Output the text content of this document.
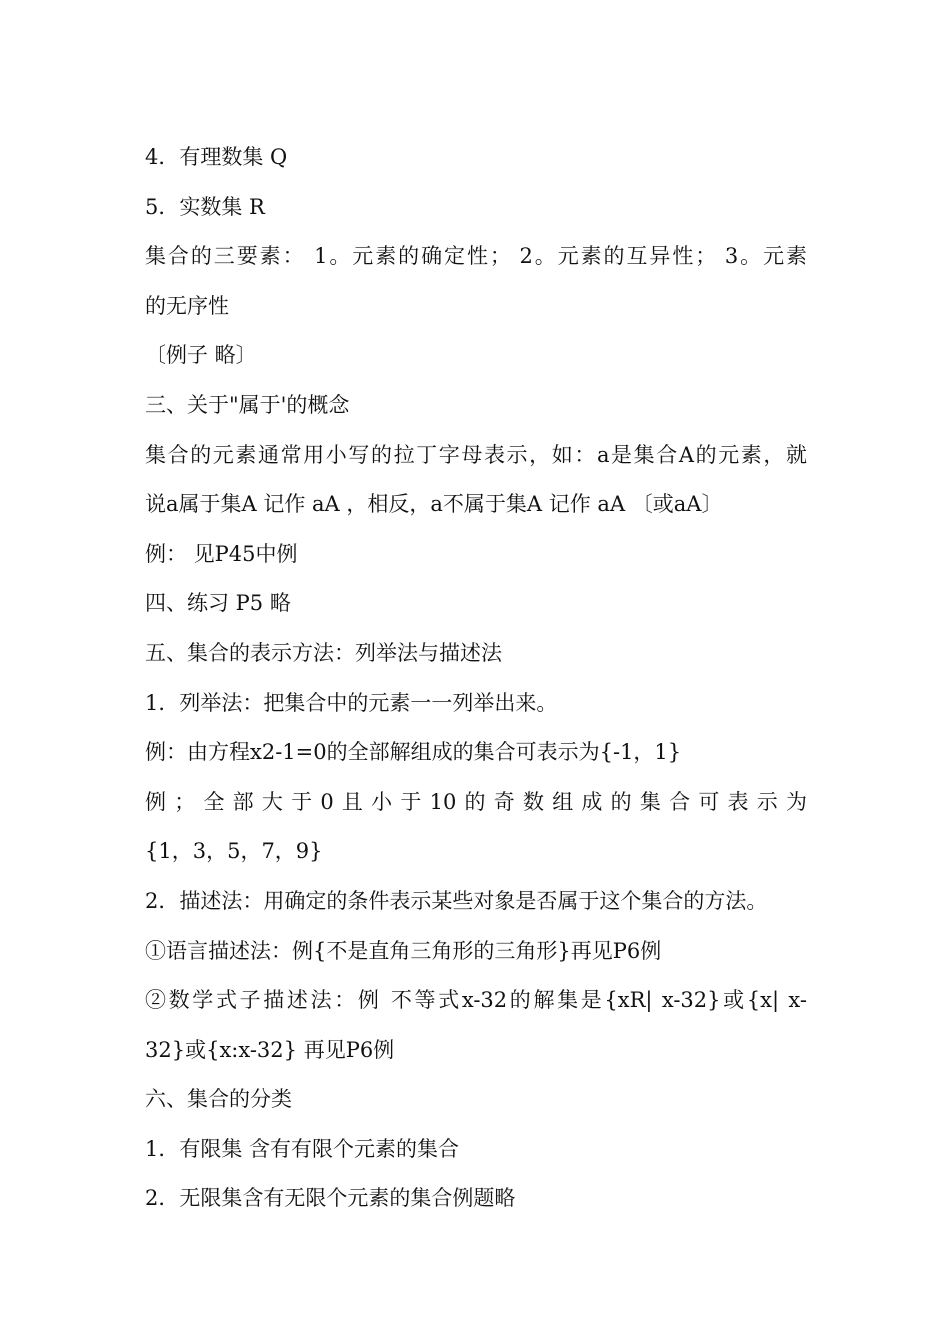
4．有理数集 Q
5．实数集 R
集合的三要素： 1。元素的确定性； 2。元素的互异性； 3。元素
的无序性
〔例子 略〕
三、关于"属于'的概念
集合的元素通常用小写的拉丁字母表示，如：a是集合A的元素，就
说a属于集A 记作 aA ，相反，a不属于集A 记作 aA 〔或aA〕
例： 见P45中例
四、练习 P5 略
五、集合的表示方法：列举法与描述法
1．列举法：把集合中的元素一一列举出来。
例：由方程x2-1=0的全部解组成的集合可表示为{-1，1}
例；全部大于0且小于10的奇数组成的集合可表示为
{1，3，5，7，9}
2．描述法：用确定的条件表示某些对象是否属于这个集合的方法。
①语言描述法：例{不是直角三角形的三角形}再见P6例
②数学式子描述法：例 不等式x-32的解集是{xR| x-32}或{x| x-
32}或{x:x-32} 再见P6例
六、集合的分类
1．有限集 含有有限个元素的集合
2．无限集含有无限个元素的集合例题略
